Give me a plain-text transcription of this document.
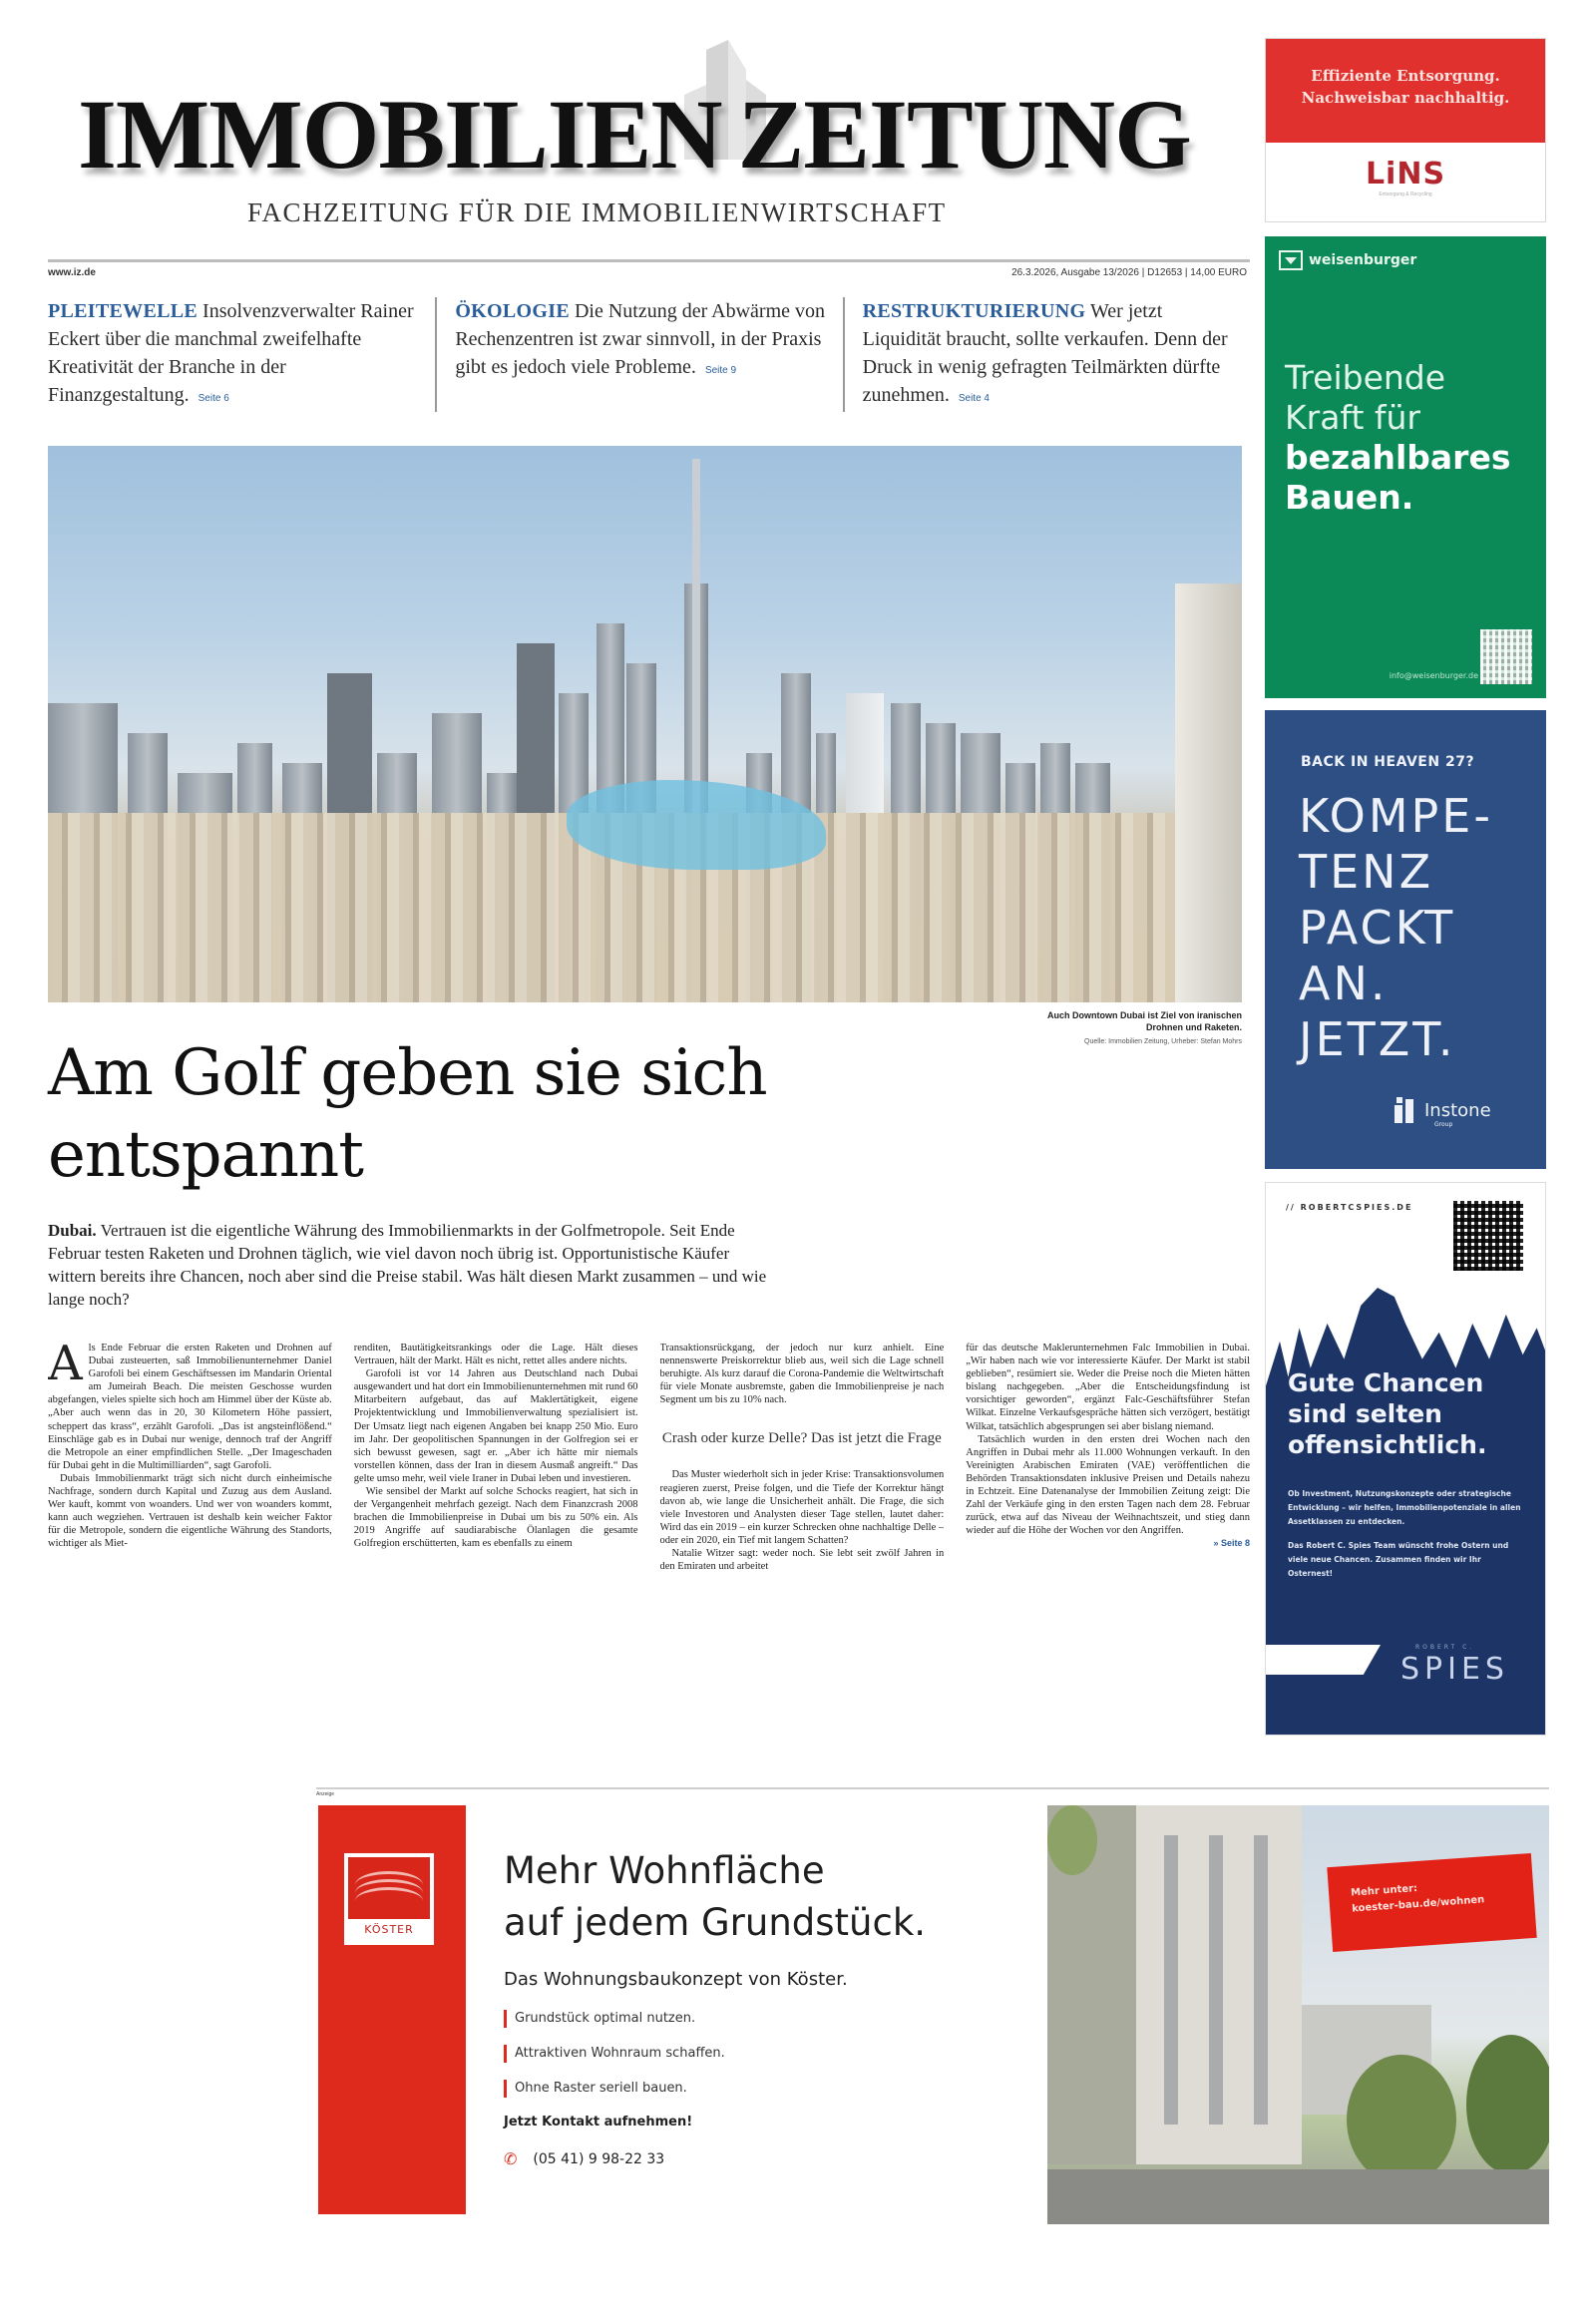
IMMOBILIEN ZEITUNG
FACHZEITUNG FÜR DIE IMMOBILIENWIRTSCHAFT
www.iz.de	26.3.2026, Ausgabe 13/2026 | D12653 | 14,00 EURO
PLEITEWELLE Insolvenzverwalter Rainer Eckert über die manchmal zweifelhafte Kreativität der Branche in der Finanzgestaltung. Seite 6
ÖKOLOGIE Die Nutzung der Abwärme von Rechenzentren ist zwar sinnvoll, in der Praxis gibt es jedoch viele Probleme. Seite 9
RESTRUKTURIERUNG Wer jetzt Liquidität braucht, sollte verkaufen. Denn der Druck in wenig gefragten Teilmärkten dürfte zunehmen. Seite 4
Auch Downtown Dubai ist Ziel von iranischen Drohnen und Raketen.
Quelle: Immobilien Zeitung, Urheber: Stefan Mohrs
Am Golf geben sie sich entspannt

Dubai. Vertrauen ist die eigentliche Währung des Immobilienmarkts in der Golfmetropole. Seit Ende Februar testen Raketen und Drohnen täglich, wie viel davon noch übrig ist. Opportunistische Käufer wittern bereits ihre Chancen, noch aber sind die Preise stabil. Was hält diesen Markt zusammen – und wie lange noch?

Als Ende Februar die ersten Raketen und Drohnen auf Dubai zusteuerten, saß Immobilienunternehmer Daniel Garofoli bei einem Geschäftsessen im Mandarin Oriental am Jumeirah Beach. Die meisten Geschosse wurden abgefangen, vieles spielte sich hoch am Himmel über der Küste ab. „Aber auch wenn das in 20, 30 Kilometern Höhe passiert, scheppert das krass“, erzählt Garofoli. „Das ist angsteinflößend.“ Einschläge gab es in Dubai nur wenige, dennoch traf der Angriff die Metropole an einer empfindlichen Stelle. „Der Imageschaden für Dubai geht in die Multimilliarden“, sagt Garofoli.

Dubais Immobilienmarkt trägt sich nicht durch einheimische Nachfrage, sondern durch Kapital und Zuzug aus dem Ausland. Wer kauft, kommt von woanders. Und wer von woanders kommt, kann auch wegziehen. Vertrauen ist deshalb kein weicher Faktor für die Metropole, sondern die eigentliche Währung des Standorts, wichtiger als Miet-

renditen, Bautätigkeitsrankings oder die Lage. Hält dieses Vertrauen, hält der Markt. Hält es nicht, rettet alles andere nichts.

Garofoli ist vor 14 Jahren aus Deutschland nach Dubai ausgewandert und hat dort ein Immobilienunternehmen mit rund 60 Mitarbeitern aufgebaut, das auf Maklertätigkeit, eigene Projektentwicklung und Immobilienverwaltung spezialisiert ist. Der Umsatz liegt nach eigenen Angaben bei knapp 250 Mio. Euro im Jahr. Der geopolitischen Spannungen in der Golfregion sei er sich bewusst gewesen, sagt er. „Aber ich hätte mir niemals vorstellen können, dass der Iran in diesem Ausmaß angreift.“ Das gelte umso mehr, weil viele Iraner in Dubai leben und investieren.

Wie sensibel der Markt auf solche Schocks reagiert, hat sich in der Vergangenheit mehrfach gezeigt. Nach dem Finanzcrash 2008 brachen die Immobilienpreise in Dubai um bis zu 50% ein. Als 2019 Angriffe auf saudiarabische Ölanlagen die gesamte Golfregion erschütterten, kam es ebenfalls zu einem

Transaktionsrückgang, der jedoch nur kurz anhielt. Eine nennenswerte Preiskorrektur blieb aus, weil sich die Lage schnell beruhigte. Als kurz darauf die Corona-Pandemie die Weltwirtschaft für viele Monate ausbremste, gaben die Immobilienpreise je nach Segment um bis zu 10% nach.

Crash oder kurze Delle? Das ist jetzt die Frage

Das Muster wiederholt sich in jeder Krise: Transaktionsvolumen reagieren zuerst, Preise folgen, und die Tiefe der Korrektur hängt davon ab, wie lange die Unsicherheit anhält. Die Frage, die sich viele Investoren und Analysten dieser Tage stellen, lautet daher: Wird das ein 2019 – ein kurzer Schrecken ohne nachhaltige Delle – oder ein 2020, ein Tief mit langem Schatten?

Natalie Witzer sagt: weder noch. Sie lebt seit zwölf Jahren in den Emiraten und arbeitet

für das deutsche Maklerunternehmen Falc Immobilien in Dubai. „Wir haben nach wie vor interessierte Käufer. Der Markt ist stabil geblieben“, resümiert sie. Weder die Preise noch die Mieten hätten bislang nachgegeben. „Aber die Entscheidungsfindung ist vorsichtiger geworden“, ergänzt Falc-Geschäftsführer Stefan Wilkat. Einzelne Verkaufsgespräche hätten sich verzögert, bestätigt Wilkat, tatsächlich abgesprungen sei aber bislang niemand.

Tatsächlich wurden in den ersten drei Wochen nach den Angriffen in Dubai mehr als 11.000 Wohnungen verkauft. In den Vereinigten Arabischen Emiraten (VAE) veröffentlichen die Behörden Transaktionsdaten inklusive Preisen und Details nahezu in Echtzeit. Eine Datenanalyse der Immobilien Zeitung zeigt: Die Zahl der Verkäufe ging in den ersten Tagen nach dem 28. Februar zurück, etwa auf das Niveau der Weihnachtszeit, und stieg dann wieder auf die Höhe der Wochen vor den Angriffen.

» Seite 8
Effiziente Entsorgung.
Nachweisbar nachhaltig.
LiNS
Entsorgung & Recycling
weisenburger
Treibende
Kraft für
bezahlbares
Bauen.
info@weisenburger.de
BACK IN HEAVEN 27?
KOMPE-
TENZ
PACKT
AN.
JETZT.
Instone
Group
// ROBERTCSPIES.DE
Gute Chancen
sind selten
offensichtlich.

Ob Investment, Nutzungskonzepte oder strategische Entwicklung – wir helfen, Immobilienpotenziale in allen Assetklassen zu entdecken.

Das Robert C. Spies Team wünscht frohe Ostern und viele neue Chancen. Zusammen finden wir Ihr Osternest!

ROBERT C.
SPIES
Anzeige
KÖSTER
Mehr Wohnfläche
auf jedem Grundstück.
Das Wohnungsbaukonzept von Köster.
Grundstück optimal nutzen.
Attraktiven Wohnraum schaffen.
Ohne Raster seriell bauen.
Jetzt Kontakt aufnehmen!
✆ (05 41) 9 98-22 33
Mehr unter:
koester-bau.de/wohnen
